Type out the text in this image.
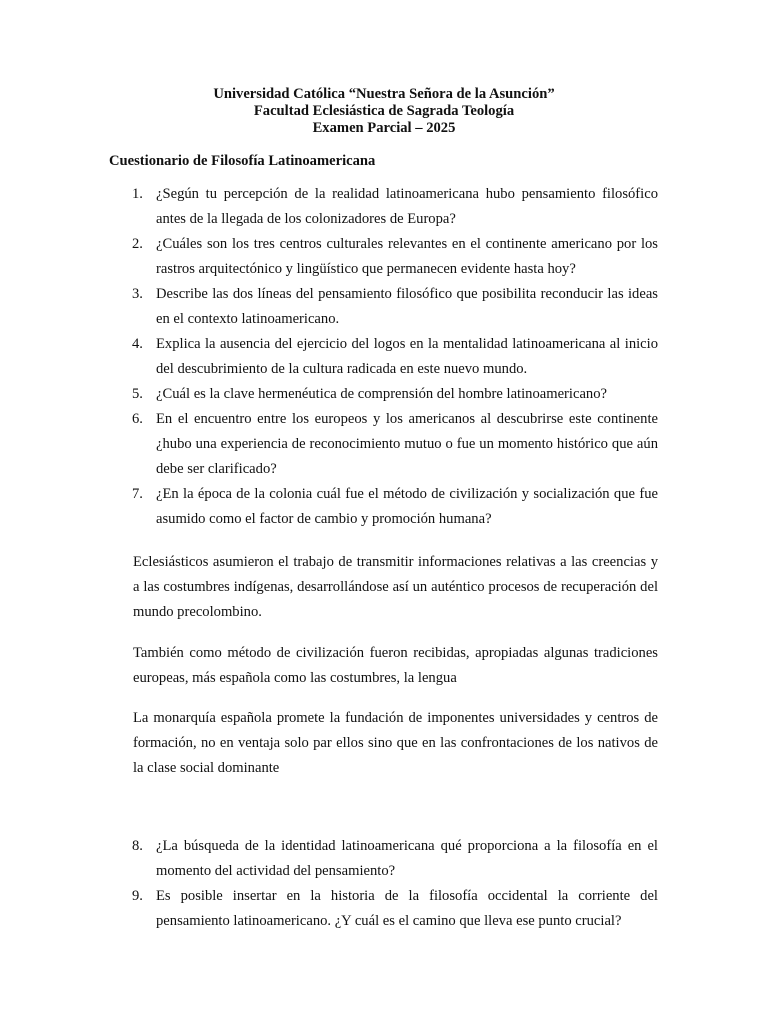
Universidad Católica “Nuestra Señora de la Asunción”
Facultad Eclesiástica de Sagrada Teología
Examen Parcial – 2025
Cuestionario de Filosofía Latinoamericana
1. ¿Según tu percepción de la realidad latinoamericana hubo pensamiento filosófico antes de la llegada de los colonizadores de Europa?
2. ¿Cuáles son los tres centros culturales relevantes en el continente americano por los rastros arquitectónico y lingüístico que permanecen evidente hasta hoy?
3. Describe las dos líneas del pensamiento filosófico que posibilita reconducir las ideas en el contexto latinoamericano.
4. Explica la ausencia del ejercicio del logos en la mentalidad latinoamericana al inicio del descubrimiento de la cultura radicada en este nuevo mundo.
5. ¿Cuál es la clave hermenéutica de comprensión del hombre latinoamericano?
6. En el encuentro entre los europeos y los americanos al descubrirse este continente ¿hubo una experiencia de reconocimiento mutuo o fue un momento histórico que aún debe ser clarificado?
7. ¿En la época de la colonia cuál fue el método de civilización y socialización que fue asumido como el factor de cambio y promoción humana?

Eclesiásticos asumieron el trabajo de transmitir informaciones relativas a las creencias y a las costumbres indígenas, desarrollándose así un auténtico procesos de recuperación del mundo precolombino.

También como método de civilización fueron recibidas, apropiadas algunas tradiciones europeas, más española como las costumbres, la lengua

La monarquía española promete la fundación de imponentes universidades y centros de formación, no en ventaja solo par ellos sino que en las confrontaciones de los nativos de la clase social dominante

8. ¿La búsqueda de la identidad latinoamericana qué proporciona a la filosofía en el momento del actividad del pensamiento?
9. Es posible insertar en la historia de la filosofía occidental la corriente del pensamiento latinoamericano. ¿Y cuál es el camino que lleva ese punto crucial?
